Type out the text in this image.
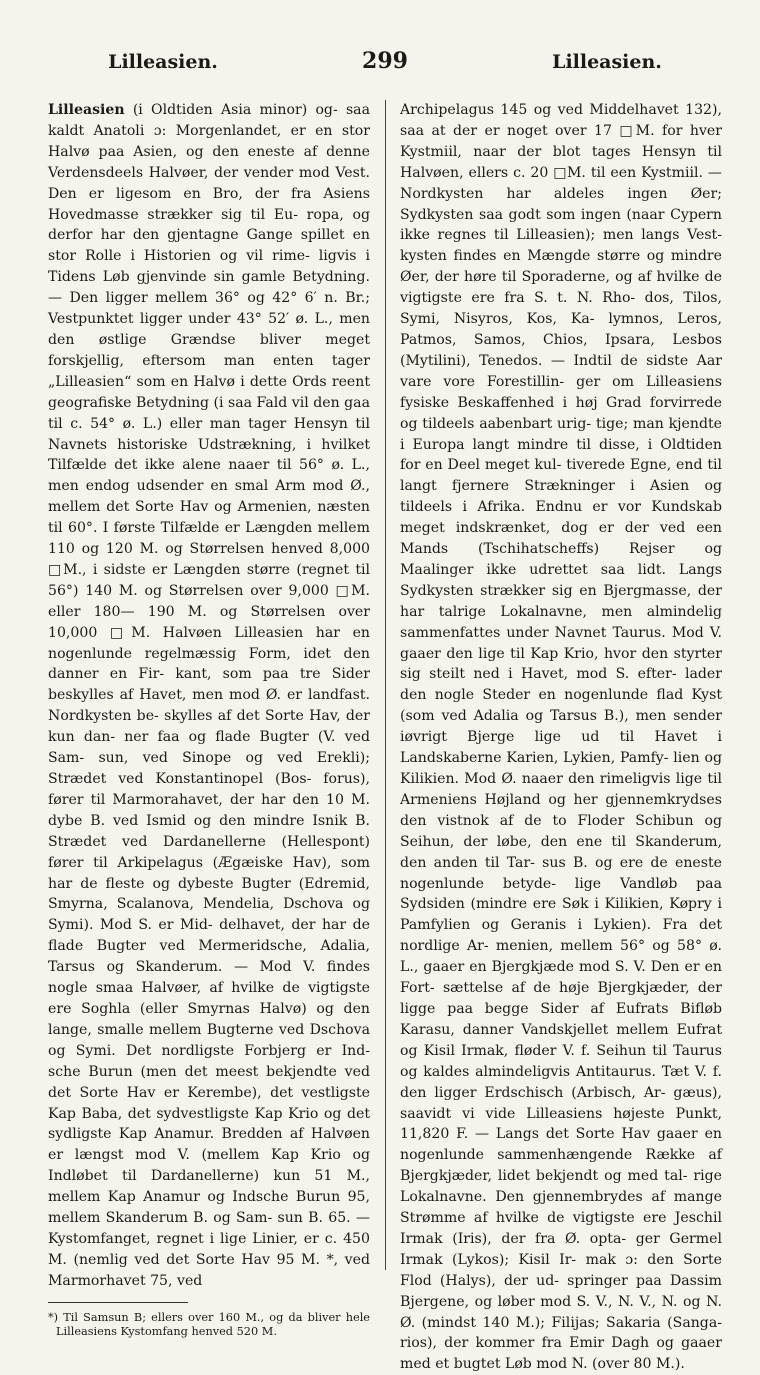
Lilleasien.	299	Lilleasien.

Lilleasien (i Oldtiden Asia minor) og- saa kaldt Anatoli ɔ: Morgenlandet, er en stor Halvø paa Asien, og den eneste af denne Verdensdeels Halvøer, der vender mod Vest. Den er ligesom en Bro, der fra Asiens Hovedmasse strækker sig til Eu- ropa, og derfor har den gjentagne Gange spillet en stor Rolle i Historien og vil rime- ligvis i Tidens Løb gjenvinde sin gamle Betydning. — Den ligger mellem 36° og 42° 6′ n. Br.; Vestpunktet ligger under 43° 52′ ø. L., men den østlige Grændse bliver meget forskjellig, eftersom man enten tager „Lilleasien“ som en Halvø i dette Ords reent geografiske Betydning (i saa Fald vil den gaa til c. 54° ø. L.) eller man tager Hensyn til Navnets historiske Udstrækning, i hvilket Tilfælde det ikke alene naaer til 56° ø. L., men endog udsender en smal Arm mod Ø., mellem det Sorte Hav og Armenien, næsten til 60°. I første Tilfælde er Længden mellem 110 og 120 M. og Størrelsen henved 8,000 □M., i sidste er Længden større (regnet til 56°) 140 M. og Størrelsen over 9,000 □M. eller 180— 190 M. og Størrelsen over 10,000 □M. Halvøen Lilleasien har en nogenlunde regelmæssig Form, idet den danner en Fir- kant, som paa tre Sider beskylles af Havet, men mod Ø. er landfast. Nordkysten be- skylles af det Sorte Hav, der kun dan- ner faa og flade Bugter (V. ved Sam- sun, ved Sinope og ved Erekli); Strædet ved Konstantinopel (Bos- forus), fører til Marmorahavet, der har den 10 M. dybe B. ved Ismid og den mindre Isnik B. Strædet ved Dardanellerne (Hellespont) fører til Arkipelagus (Ægæiske Hav), som har de fleste og dybeste Bugter (Edremid, Smyrna, Scalanova, Mendelia, Dschova og Symi). Mod S. er Mid- delhavet, der har de flade Bugter ved Mermeridsche, Adalia, Tarsus og Skanderum. — Mod V. findes nogle smaa Halvøer, af hvilke de vigtigste ere Soghla (eller Smyrnas Halvø) og den lange, smalle mellem Bugterne ved Dschova og Symi. Det nordligste Forbjerg er Ind- sche Burun (men det meest bekjendte ved det Sorte Hav er Kerembe), det vestligste Kap Baba, det sydvestligste Kap Krio og det sydligste Kap Anamur. Bredden af Halvøen er længst mod V. (mellem Kap Krio og Indløbet til Dardanellerne) kun 51 M., mellem Kap Anamur og Indsche Burun 95, mellem Skanderum B. og Sam- sun B. 65. — Kystomfanget, regnet i lige Linier, er c. 450 M. (nemlig ved det Sorte Hav 95 M. *, ved Marmorhavet 75, ved

*) Til Samsun B; ellers over 160 M., og da bliver hele Lilleasiens Kystomfang henved 520 M.

Archipelagus 145 og ved Middelhavet 132), saa at der er noget over 17 □M. for hver Kystmiil, naar der blot tages Hensyn til Halvøen, ellers c. 20 □M. til een Kystmiil. — Nordkysten har aldeles ingen Øer; Sydkysten saa godt som ingen (naar Cypern ikke regnes til Lilleasien); men langs Vest- kysten findes en Mængde større og mindre Øer, der høre til Sporaderne, og af hvilke de vigtigste ere fra S. t. N. Rho- dos, Tilos, Symi, Nisyros, Kos, Ka- lymnos, Leros, Patmos, Samos, Chios, Ipsara, Lesbos (Mytilini), Tenedos. — Indtil de sidste Aar vare vore Forestillin- ger om Lilleasiens fysiske Beskaffenhed i høj Grad forvirrede og tildeels aabenbart urig- tige; man kjendte i Europa langt mindre til disse, i Oldtiden for en Deel meget kul- tiverede Egne, end til langt fjernere Strækninger i Asien og tildeels i Afrika. Endnu er vor Kundskab meget indskrænket, dog er der ved een Mands (Tschihatscheffs) Rejser og Maalinger ikke udrettet saa lidt. Langs Sydkysten strækker sig en Bjergmasse, der har talrige Lokalnavne, men almindelig sammenfattes under Navnet Taurus. Mod V. gaaer den lige til Kap Krio, hvor den styrter sig steilt ned i Havet, mod S. efter- lader den nogle Steder en nogenlunde flad Kyst (som ved Adalia og Tarsus B.), men sender iøvrigt Bjerge lige ud til Havet i Landskaberne Karien, Lykien, Pamfy- lien og Kilikien. Mod Ø. naaer den rimeligvis lige til Armeniens Højland og her gjennemkrydses den vistnok af de to Floder Schibun og Seihun, der løbe, den ene til Skanderum, den anden til Tar- sus B. og ere de eneste nogenlunde betyde- lige Vandløb paa Sydsiden (mindre ere Søk i Kilikien, Køpry i Pamfylien og Geranis i Lykien). Fra det nordlige Ar- menien, mellem 56° og 58° ø. L., gaaer en Bjergkjæde mod S. V. Den er en Fort- sættelse af de høje Bjergkjæder, der ligge paa begge Sider af Eufrats Bifløb Karasu, danner Vandskjellet mellem Eufrat og Kisil Irmak, fløder V. f. Seihun til Taurus og kaldes almindeligvis Antitaurus. Tæt V. f. den ligger Erdschisch (Arbisch, Ar- gæus), saavidt vi vide Lilleasiens højeste Punkt, 11,820 F. — Langs det Sorte Hav gaaer en nogenlunde sammenhængende Række af Bjergkjæder, lidet bekjendt og med tal- rige Lokalnavne. Den gjennembrydes af mange Strømme af hvilke de vigtigste ere Jeschil Irmak (Iris), der fra Ø. opta- ger Germel Irmak (Lykos); Kisil Ir- mak ɔ: den Sorte Flod (Halys), der ud- springer paa Dassim Bjergene, og løber mod S. V., N. V., N. og N. Ø. (mindst 140 M.); Filijas; Sakaria (Sanga- rios), der kommer fra Emir Dagh og gaaer med et bugtet Løb mod N. (over 80 M.).
